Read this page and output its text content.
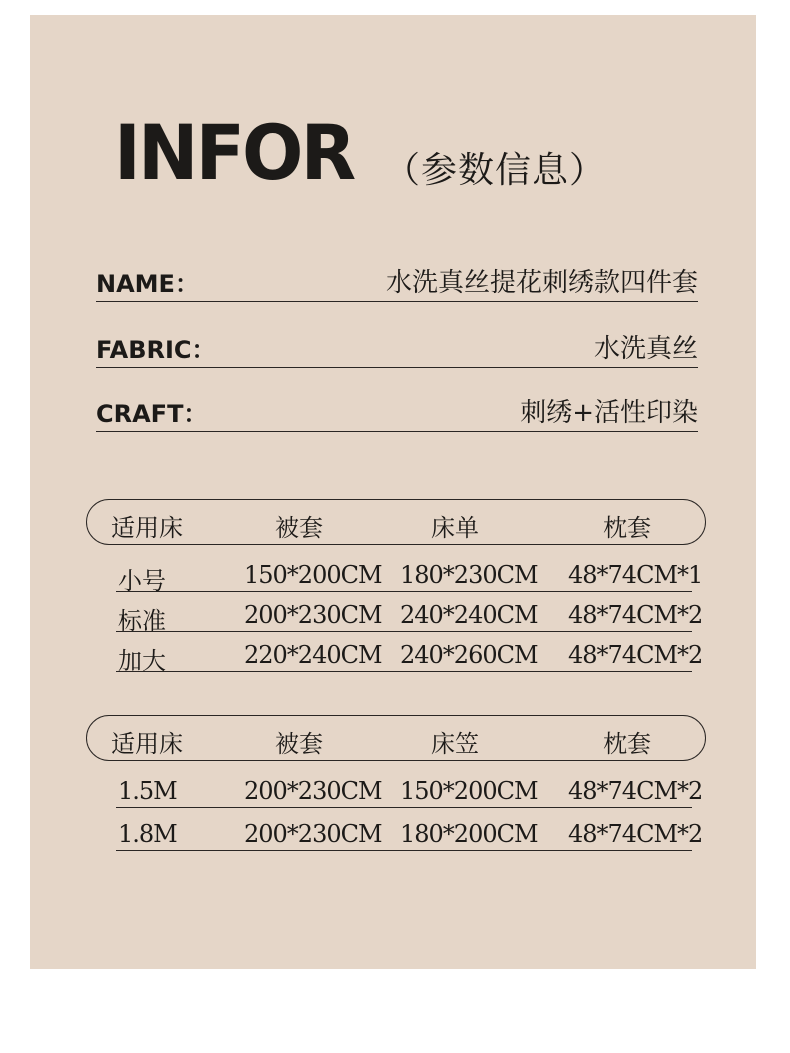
INFOR （参数信息）
NAME：	水洗真丝提花刺绣款四件套
FABRIC：	水洗真丝
CRAFT：	刺绣+活性印染
适用床	被套	床单	枕套
小号	150*200CM 180*230CM 48*74CM*1
标准	200*230CM 240*240CM 48*74CM*2
加大	220*240CM 240*260CM 48*74CM*2
适用床	被套	床笠	枕套
1.5M	200*230CM 150*200CM 48*74CM*2
1.8M	200*230CM 180*200CM 48*74CM*2
